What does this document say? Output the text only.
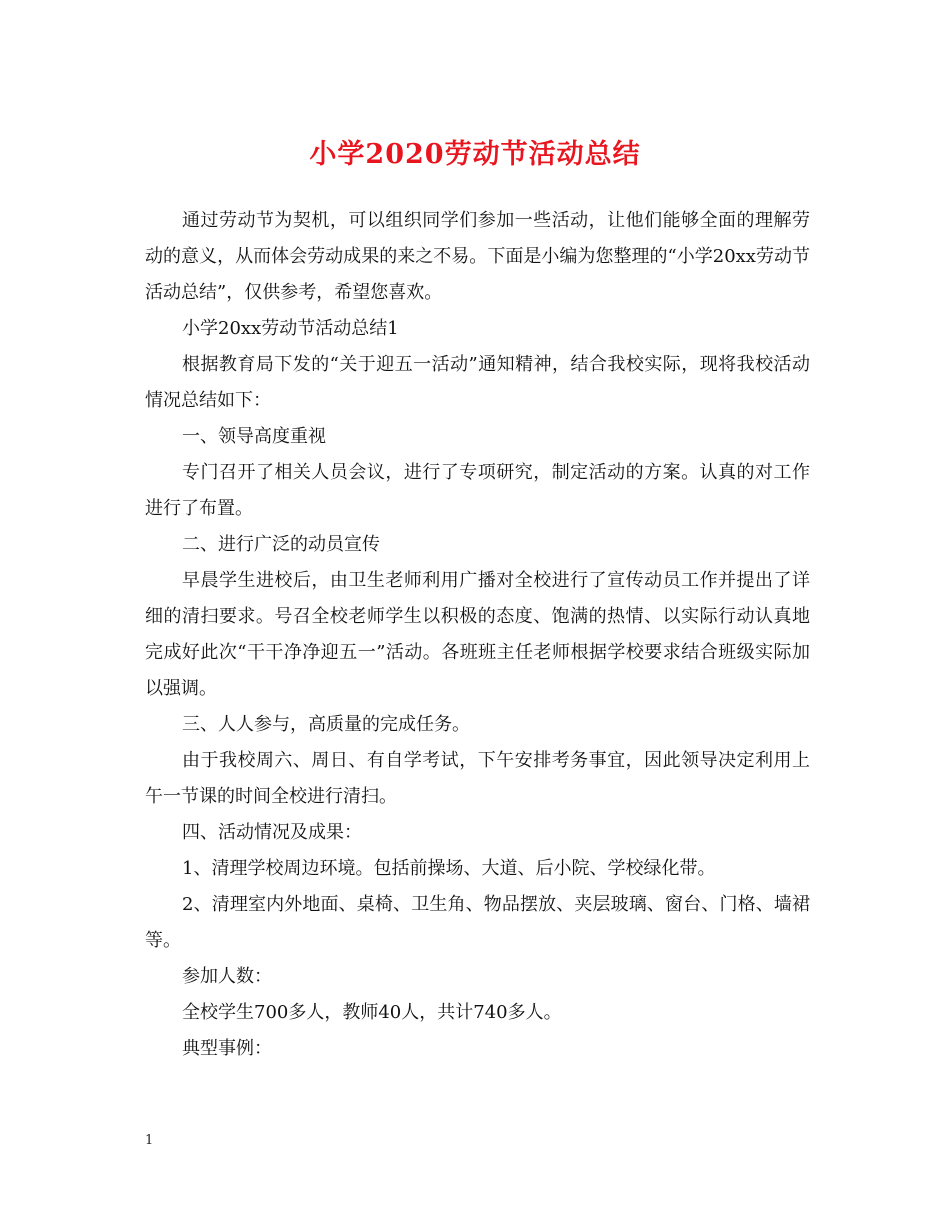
小学2020劳动节活动总结

通过劳动节为契机，可以组织同学们参加一些活动，让他们能够全面的理解劳动的意义，从而体会劳动成果的来之不易。下面是小编为您整理的“小学20xx劳动节活动总结”，仅供参考，希望您喜欢。

小学20xx劳动节活动总结1

根据教育局下发的“关于迎五一活动”通知精神，结合我校实际，现将我校活动情况总结如下：

一、领导高度重视

专门召开了相关人员会议，进行了专项研究，制定活动的方案。认真的对工作进行了布置。

二、进行广泛的动员宣传

早晨学生进校后，由卫生老师利用广播对全校进行了宣传动员工作并提出了详细的清扫要求。号召全校老师学生以积极的态度、饱满的热情、以实际行动认真地完成好此次“干干净净迎五一”活动。各班班主任老师根据学校要求结合班级实际加以强调。

三、人人参与，高质量的完成任务。

由于我校周六、周日、有自学考试，下午安排考务事宜，因此领导决定利用上午一节课的时间全校进行清扫。

四、活动情况及成果：

1、清理学校周边环境。包括前操场、大道、后小院、学校绿化带。

2、清理室内外地面、桌椅、卫生角、物品摆放、夹层玻璃、窗台、门格、墙裙等。

参加人数：

全校学生700多人，教师40人，共计740多人。

典型事例：

1
